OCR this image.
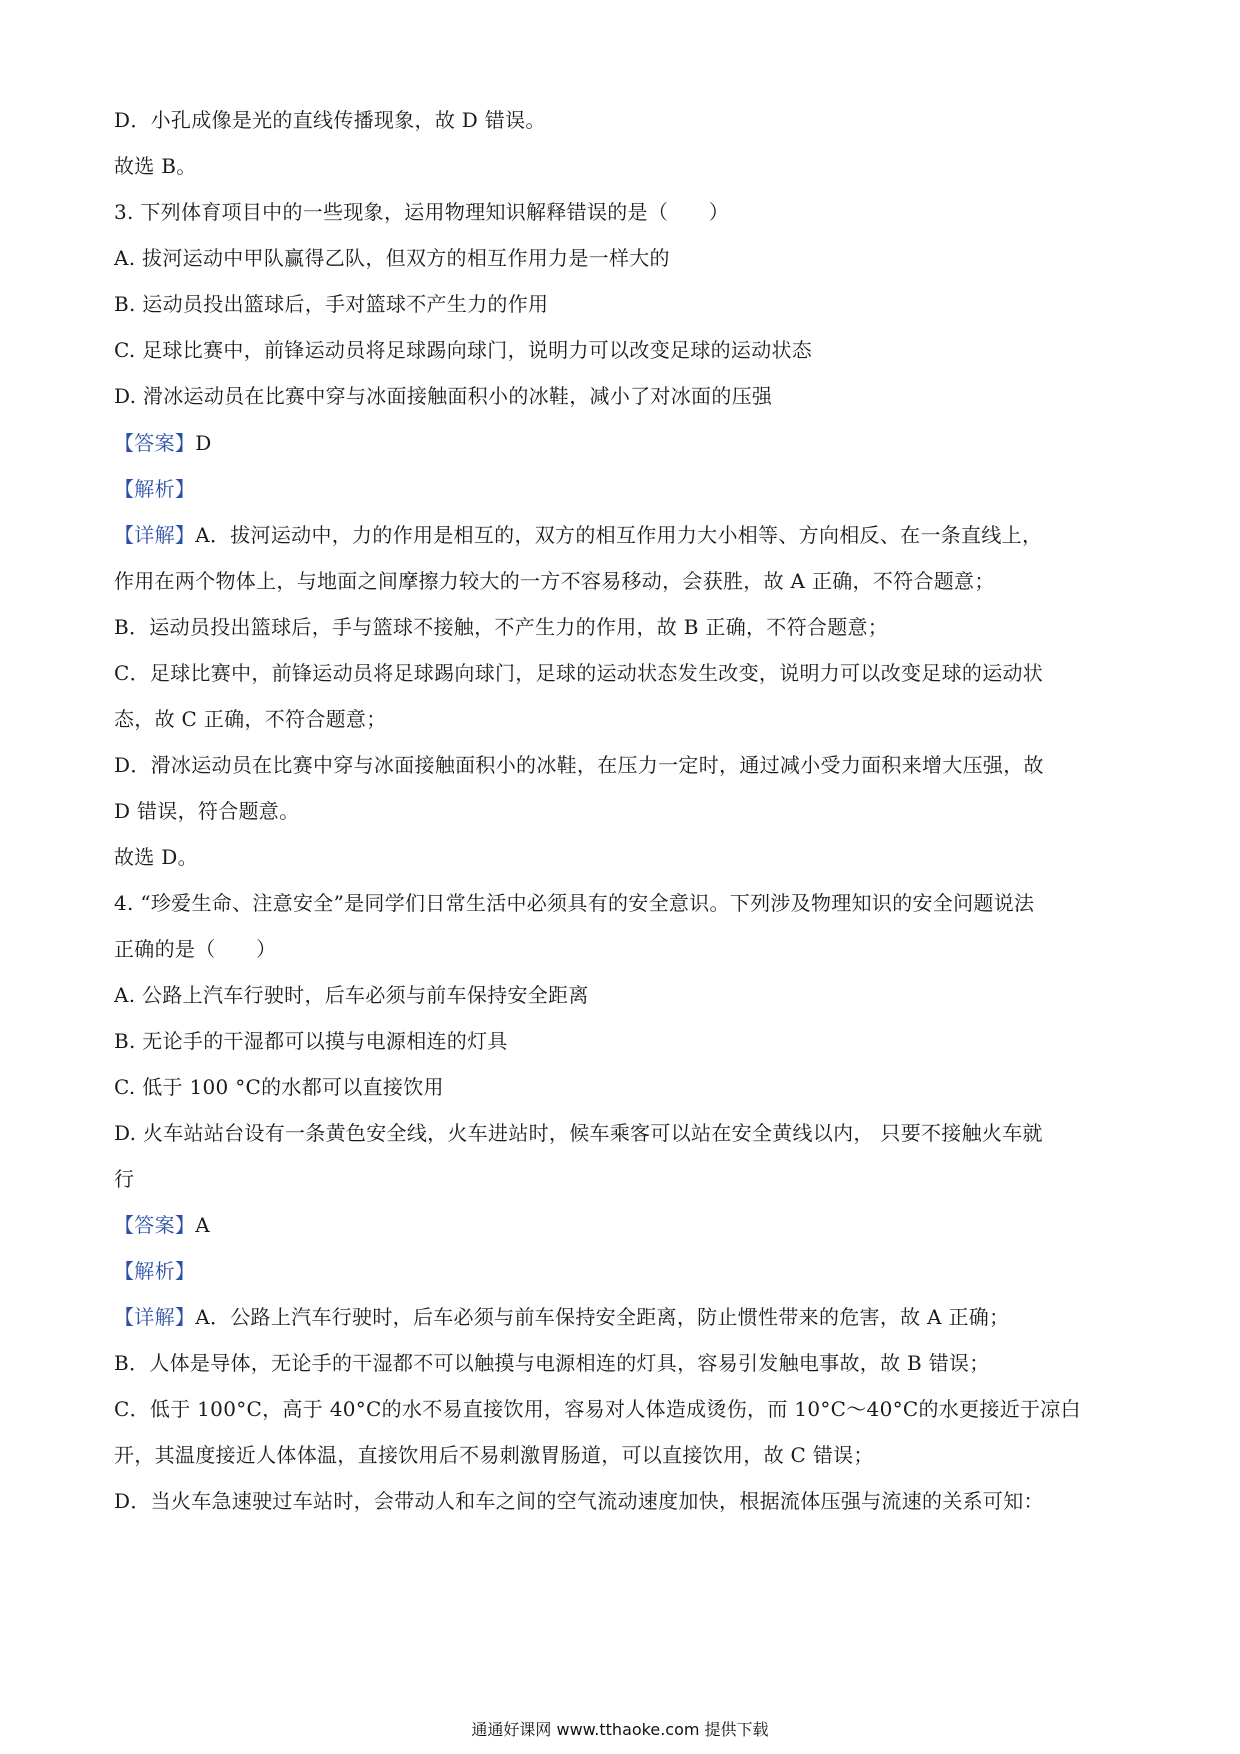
D．小孔成像是光的直线传播现象，故 D 错误。
故选 B。
3. 下列体育项目中的一些现象，运用物理知识解释错误的是（　　）
A. 拔河运动中甲队赢得乙队，但双方的相互作用力是一样大的
B. 运动员投出篮球后，手对篮球不产生力的作用
C. 足球比赛中，前锋运动员将足球踢向球门，说明力可以改变足球的运动状态
D. 滑冰运动员在比赛中穿与冰面接触面积小的冰鞋，减小了对冰面的压强
【答案】D
【解析】
【详解】A．拔河运动中，力的作用是相互的，双方的相互作用力大小相等、方向相反、在一条直线上，
作用在两个物体上，与地面之间摩擦力较大的一方不容易移动，会获胜，故 A 正确，不符合题意；
B．运动员投出篮球后，手与篮球不接触，不产生力的作用，故 B 正确，不符合题意；
C．足球比赛中，前锋运动员将足球踢向球门，足球的运动状态发生改变，说明力可以改变足球的运动状
态，故 C 正确，不符合题意；
D．滑冰运动员在比赛中穿与冰面接触面积小的冰鞋，在压力一定时，通过减小受力面积来增大压强，故
D 错误，符合题意。
故选 D。
4. “珍爱生命、注意安全”是同学们日常生活中必须具有的安全意识。下列涉及物理知识的安全问题说法
正确的是（　　）
A. 公路上汽车行驶时，后车必须与前车保持安全距离
B. 无论手的干湿都可以摸与电源相连的灯具
C. 低于 100 °C的水都可以直接饮用
D. 火车站站台设有一条黄色安全线，火车进站时，候车乘客可以站在安全黄线以内， 只要不接触火车就
行
【答案】A
【解析】
【详解】A．公路上汽车行驶时，后车必须与前车保持安全距离，防止惯性带来的危害，故 A 正确；
B．人体是导体，无论手的干湿都不可以触摸与电源相连的灯具，容易引发触电事故，故 B 错误；
C．低于 100°C，高于 40°C的水不易直接饮用，容易对人体造成烫伤，而 10°C～40°C的水更接近于凉白
开，其温度接近人体体温，直接饮用后不易刺激胃肠道，可以直接饮用，故 C 错误；
D．当火车急速驶过车站时，会带动人和车之间的空气流动速度加快，根据流体压强与流速的关系可知：
通通好课网 www.tthaoke.com 提供下载
